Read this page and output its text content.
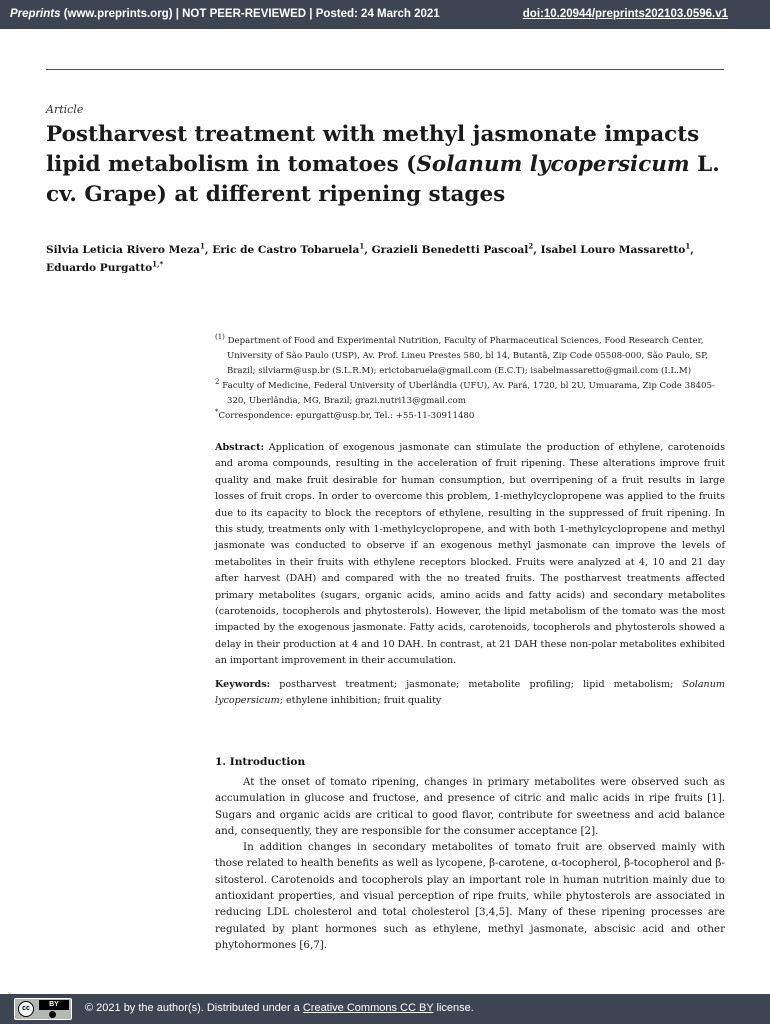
Preprints (www.preprints.org) | NOT PEER-REVIEWED | Posted: 24 March 2021	doi:10.20944/preprints202103.0596.v1
Article
Postharvest treatment with methyl jasmonate impacts lipid metabolism in tomatoes (Solanum lycopersicum L. cv. Grape) at different ripening stages
Silvia Leticia Rivero Meza$^1$, Eric de Castro Tobaruela$^1$, Grazieli Benedetti Pascoal$^2$, Isabel Louro Massaretto$^1$, Eduardo Purgatto$^{1,*}$
$^{(1)}$ Department of Food and Experimental Nutrition, Faculty of Pharmaceutical Sciences, Food Research Center, University of São Paulo (USP), Av. Prof. Lineu Prestes 580, bl 14, Butantã, Zip Code 05508-000, São Paulo, SP, Brazil; silviarm@usp.br (S.L.R.M); erictobaruela@gmail.com (E.C.T); isabelmassaretto@gmail.com (I.L.M)
$^2$ Faculty of Medicine, Federal University of Uberlândia (UFU), Av. Pará, 1720, bl 2U, Umuarama, Zip Code 38405-320, Uberlândia, MG, Brazil; grazi.nutri13@gmail.com
*Correspondence: epurgatt@usp.br, Tel.: +55-11-30911480
Abstract: Application of exogenous jasmonate can stimulate the production of ethylene, carotenoids and aroma compounds, resulting in the acceleration of fruit ripening. These alterations improve fruit quality and make fruit desirable for human consumption, but overripening of a fruit results in large losses of fruit crops. In order to overcome this problem, 1-methylcyclopropene was applied to the fruits due to its capacity to block the receptors of ethylene, resulting in the suppressed of fruit ripening. In this study, treatments only with 1-methylcyclopropene, and with both 1-methylcyclopropene and methyl jasmonate was conducted to observe if an exogenous methyl jasmonate can improve the levels of metabolites in their fruits with ethylene receptors blocked. Fruits were analyzed at 4, 10 and 21 day after harvest (DAH) and compared with the no treated fruits. The postharvest treatments affected primary metabolites (sugars, organic acids, amino acids and fatty acids) and secondary metabolites (carotenoids, tocopherols and phytosterols). However, the lipid metabolism of the tomato was the most impacted by the exogenous jasmonate. Fatty acids, carotenoids, tocopherols and phytosterols showed a delay in their production at 4 and 10 DAH. In contrast, at 21 DAH these non-polar metabolites exhibited an important improvement in their accumulation.
Keywords: postharvest treatment; jasmonate; metabolite profiling; lipid metabolism; Solanum lycopersicum; ethylene inhibition; fruit quality
1. Introduction

At the onset of tomato ripening, changes in primary metabolites were observed such as accumulation in glucose and fructose, and presence of citric and malic acids in ripe fruits [1]. Sugars and organic acids are critical to good flavor, contribute for sweetness and acid balance and, consequently, they are responsible for the consumer acceptance [2].

In addition changes in secondary metabolites of tomato fruit are observed mainly with those related to health benefits as well as lycopene, β-carotene, α-tocopherol, β-tocopherol and β-sitosterol. Carotenoids and tocopherols play an important role in human nutrition mainly due to antioxidant properties, and visual perception of ripe fruits, while phytosterols are associated in reducing LDL cholesterol and total cholesterol [3,4,5]. Many of these ripening processes are regulated by plant hormones such as ethylene, methyl jasmonate, abscisic acid and other phytohormones [6,7].

cc
BY	© 2021 by the author(s). Distributed under a Creative Commons CC BY license.
